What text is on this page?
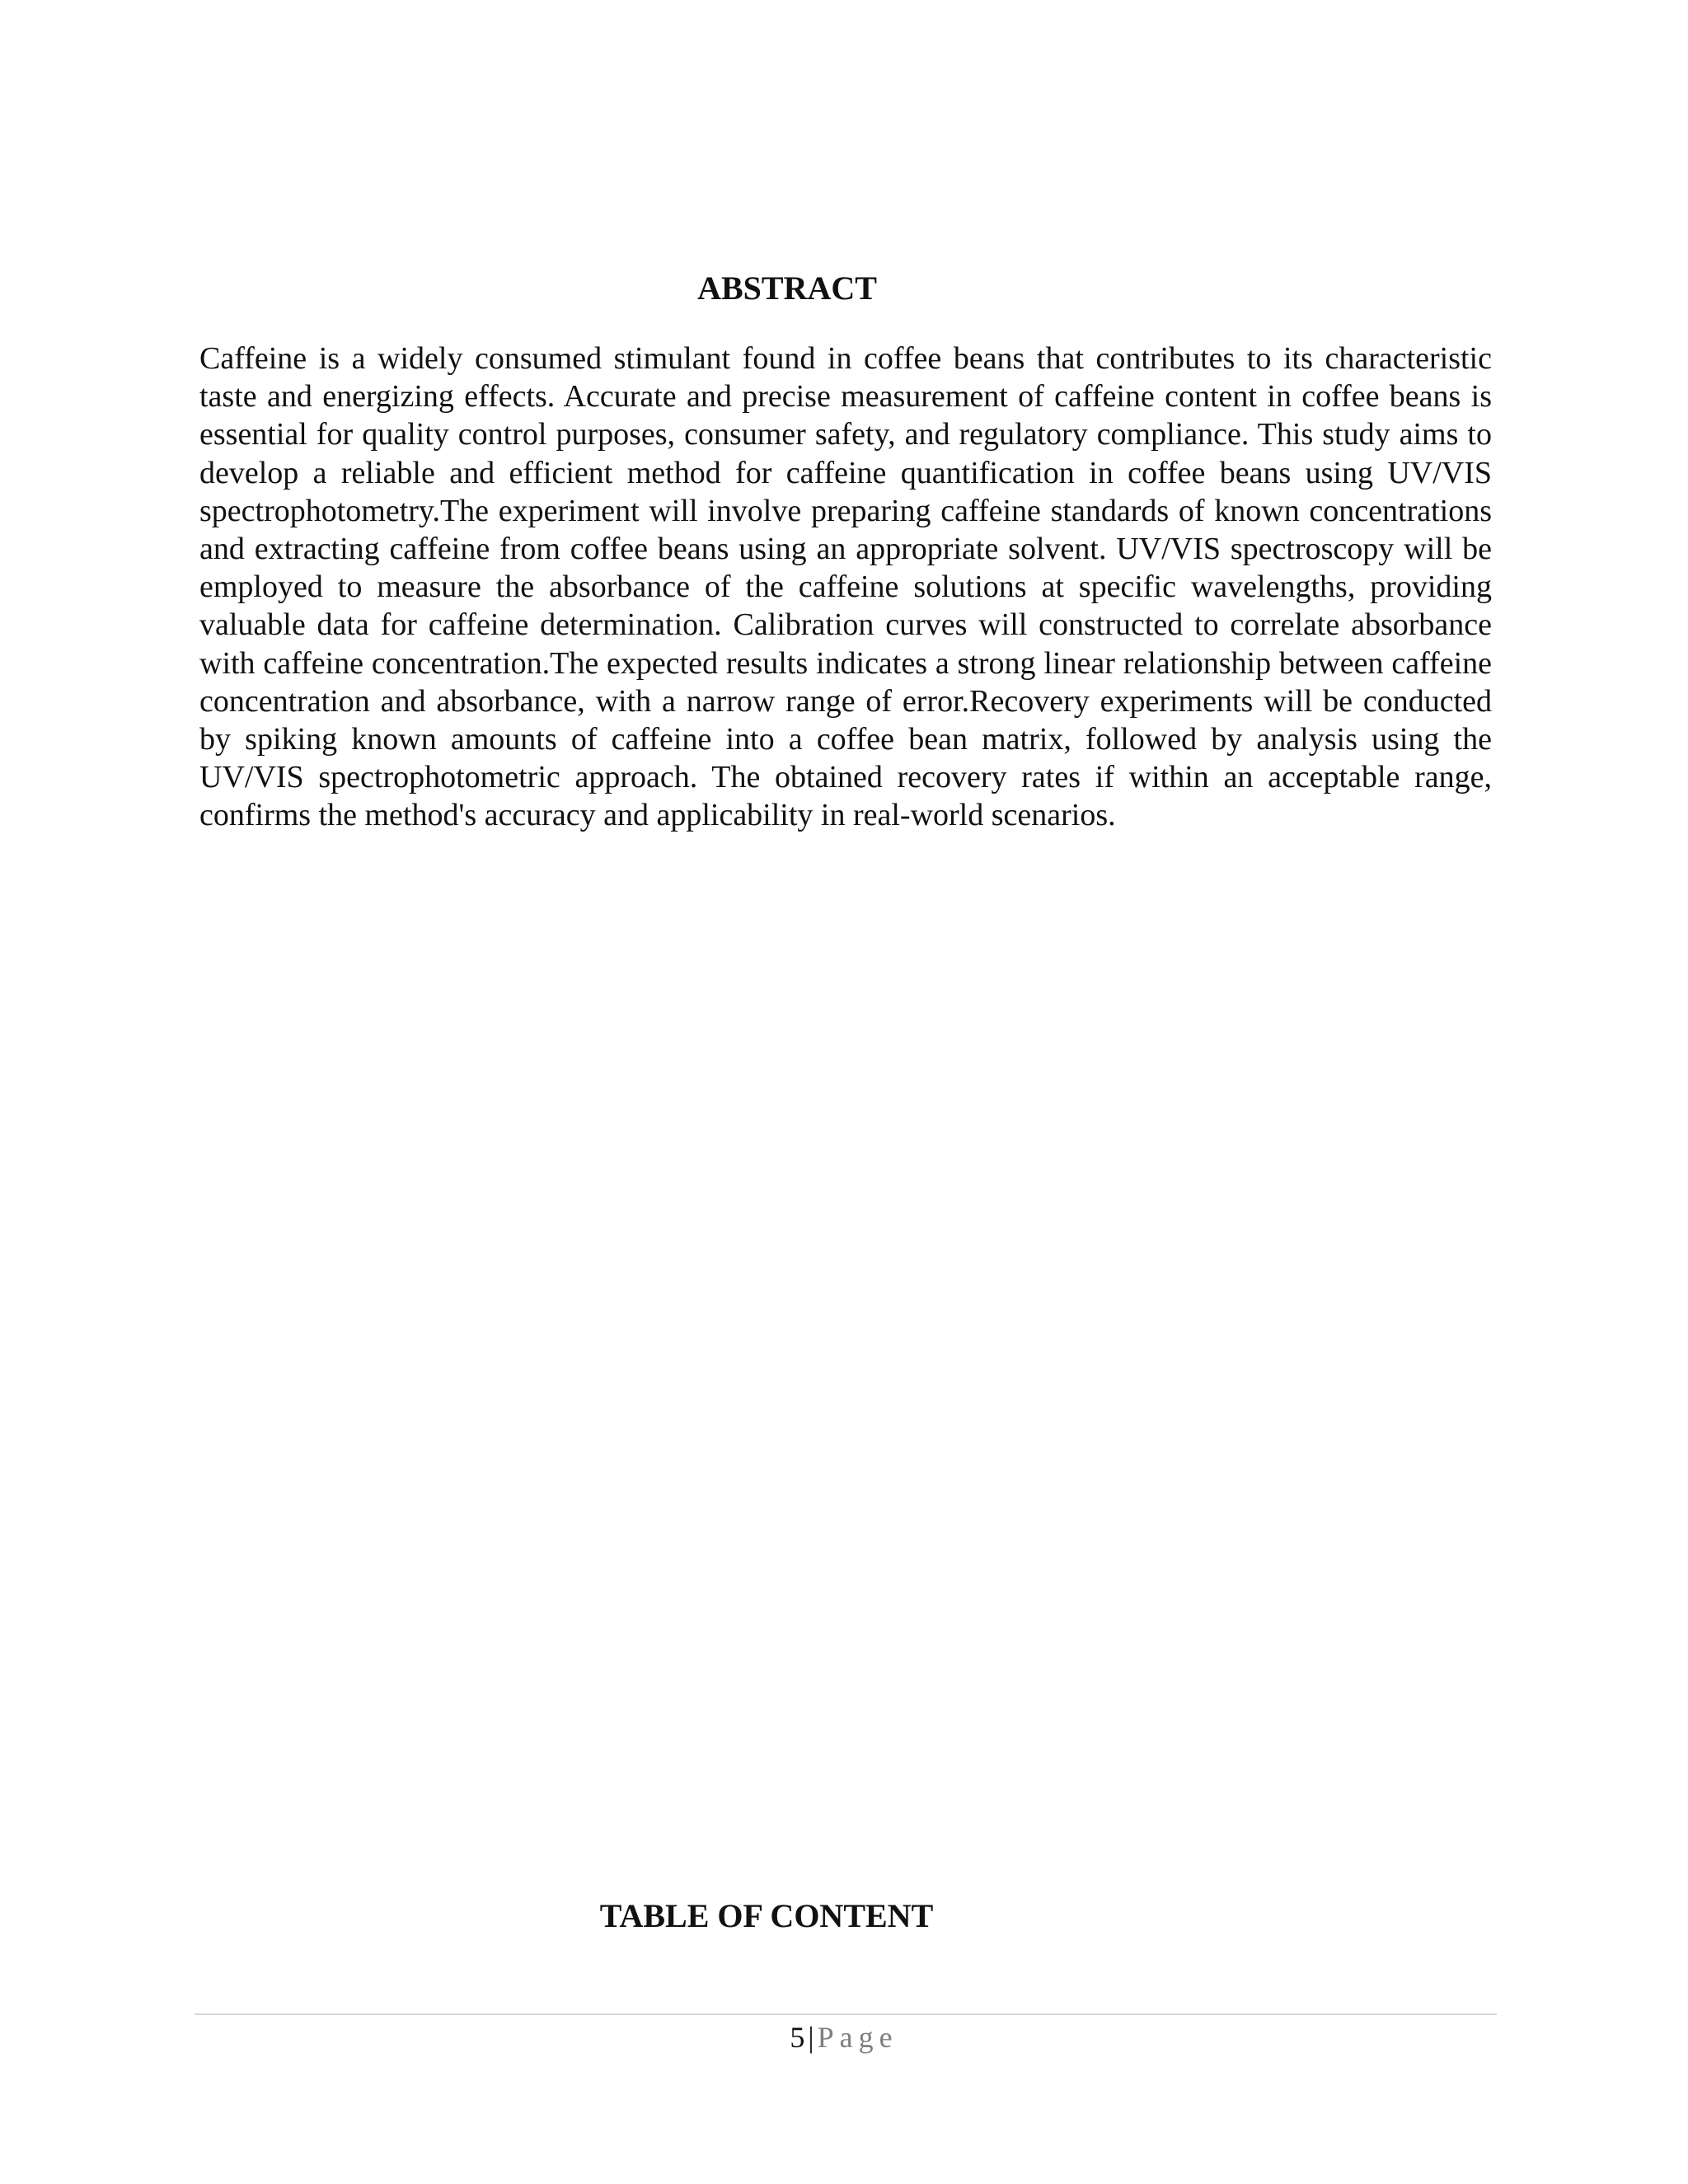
ABSTRACT

Caffeine is a widely consumed stimulant found in coffee beans that contributes to its characteristic taste and energizing effects. Accurate and precise measurement of caffeine content in coffee beans is essential for quality control purposes, consumer safety, and regulatory compliance. This study aims to develop a reliable and efficient method for caffeine quantification in coffee beans using UV/VIS spectrophotometry.The experiment will involve preparing caffeine standards of known concentrations and extracting caffeine from coffee beans using an appropriate solvent. UV/VIS spectroscopy will be employed to measure the absorbance of the caffeine solutions at specific wavelengths, providing valuable data for caffeine determination. Calibration curves will constructed to correlate absorbance with caffeine concentration.The expected results indicates a strong linear relationship between caffeine concentration and absorbance, with a narrow range of error.Recovery experiments will be conducted by spiking known amounts of caffeine into a coffee bean matrix, followed by analysis using the UV/VIS spectrophotometric approach. The obtained recovery rates if within an acceptable range, confirms the method's accuracy and applicability in real-world scenarios.

TABLE OF CONTENT
5 | Page
